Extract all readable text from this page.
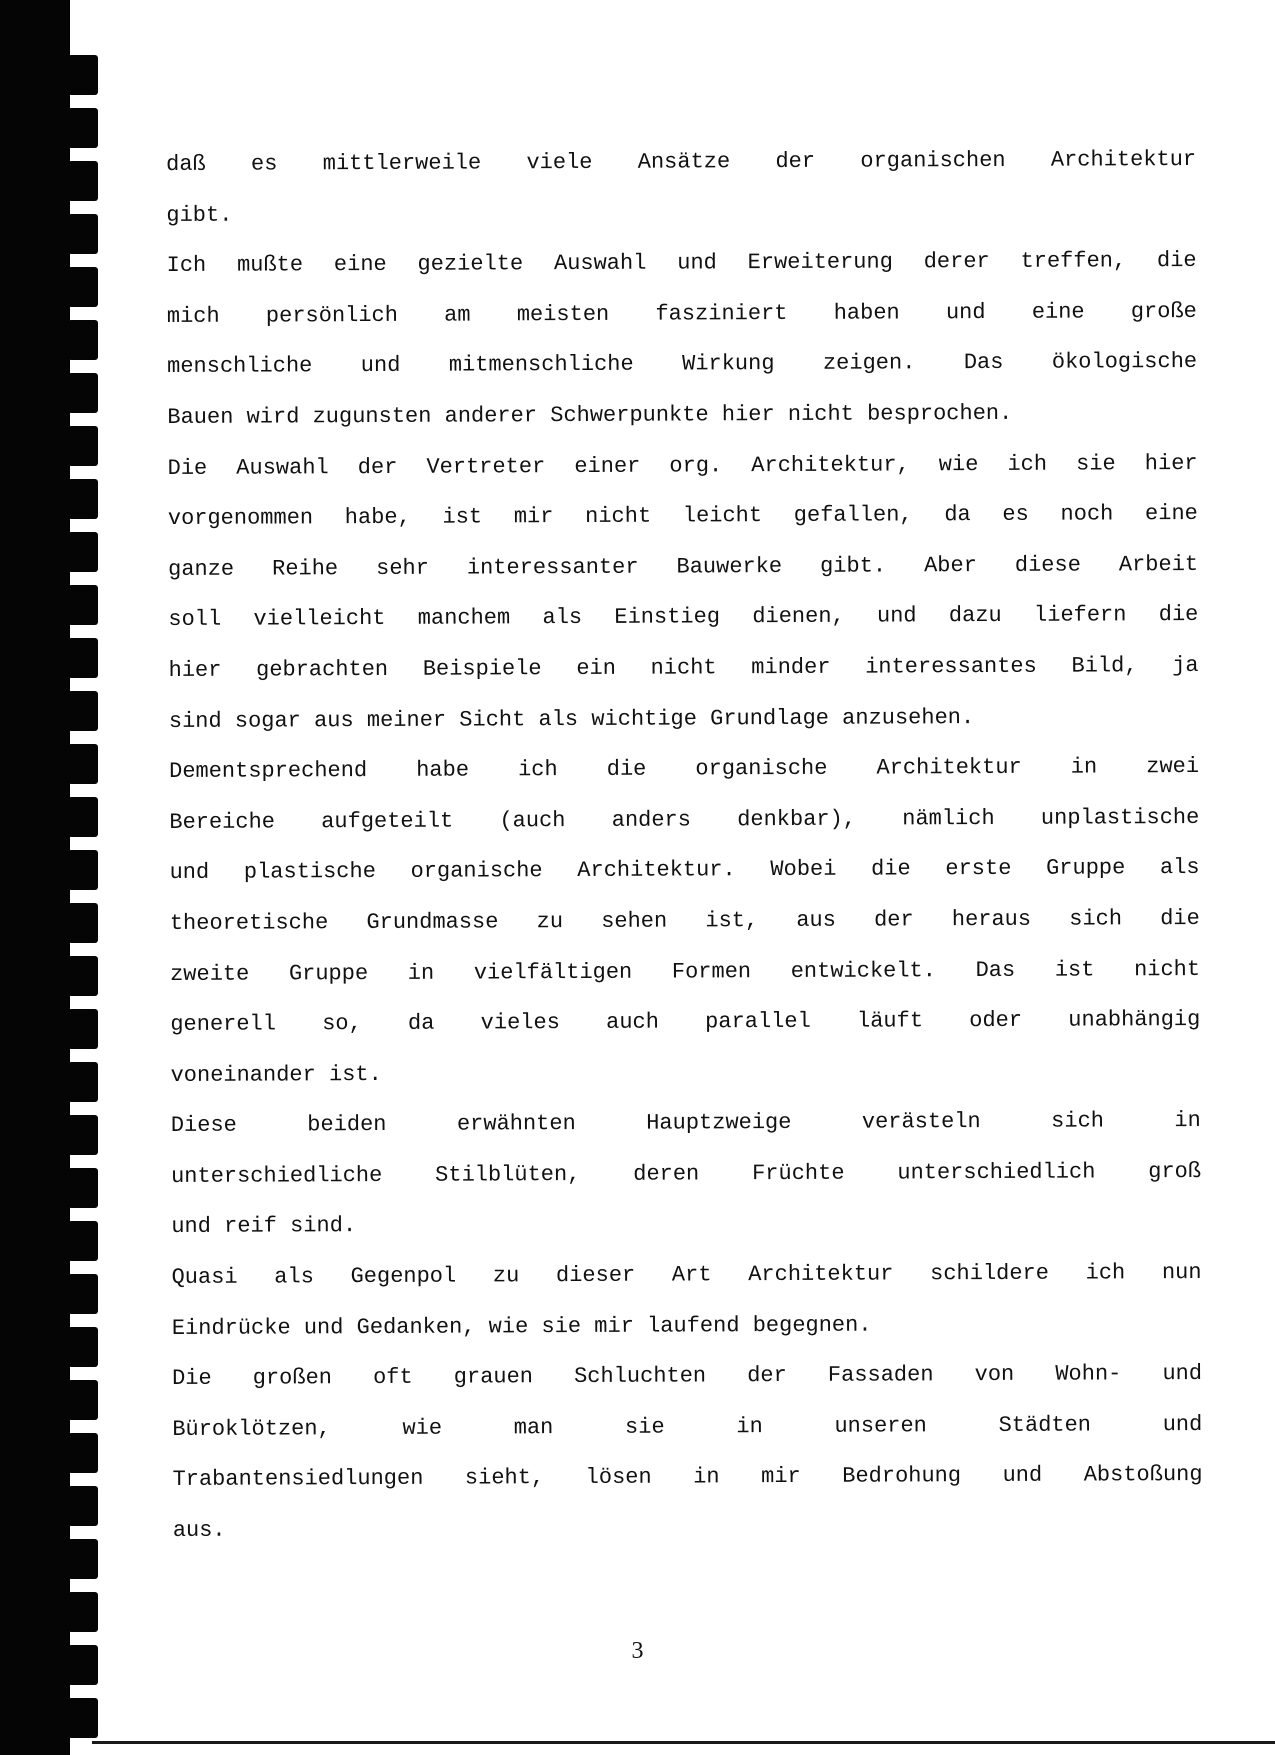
daß es mittlerweile viele Ansätze der organischen Architektur
gibt.
Ich mußte eine gezielte Auswahl und Erweiterung derer treffen, die
mich persönlich am meisten fasziniert haben und eine große
menschliche und mitmenschliche Wirkung zeigen. Das ökologische
Bauen wird zugunsten anderer Schwerpunkte hier nicht besprochen.
Die Auswahl der Vertreter einer org. Architektur, wie ich sie hier
vorgenommen habe, ist mir nicht leicht gefallen, da es noch eine
ganze Reihe sehr interessanter Bauwerke gibt. Aber diese Arbeit
soll vielleicht manchem als Einstieg dienen, und dazu liefern die
hier gebrachten Beispiele ein nicht minder interessantes Bild, ja
sind sogar aus meiner Sicht als wichtige Grundlage anzusehen.
Dementsprechend habe ich die organische Architektur in zwei
Bereiche aufgeteilt (auch anders denkbar), nämlich unplastische
und plastische organische Architektur. Wobei die erste Gruppe als
theoretische Grundmasse zu sehen ist, aus der heraus sich die
zweite Gruppe in vielfältigen Formen entwickelt. Das ist nicht
generell so, da vieles auch parallel läuft oder unabhängig
voneinander ist.
Diese beiden erwähnten Hauptzweige verästeln sich in
unterschiedliche Stilblüten, deren Früchte unterschiedlich groß
und reif sind.
Quasi als Gegenpol zu dieser Art Architektur schildere ich nun
Eindrücke und Gedanken, wie sie mir laufend begegnen.
Die großen oft grauen Schluchten der Fassaden von Wohn- und
Büroklötzen, wie man sie in unseren Städten und
Trabantensiedlungen sieht, lösen in mir Bedrohung und Abstoßung
aus.
3
